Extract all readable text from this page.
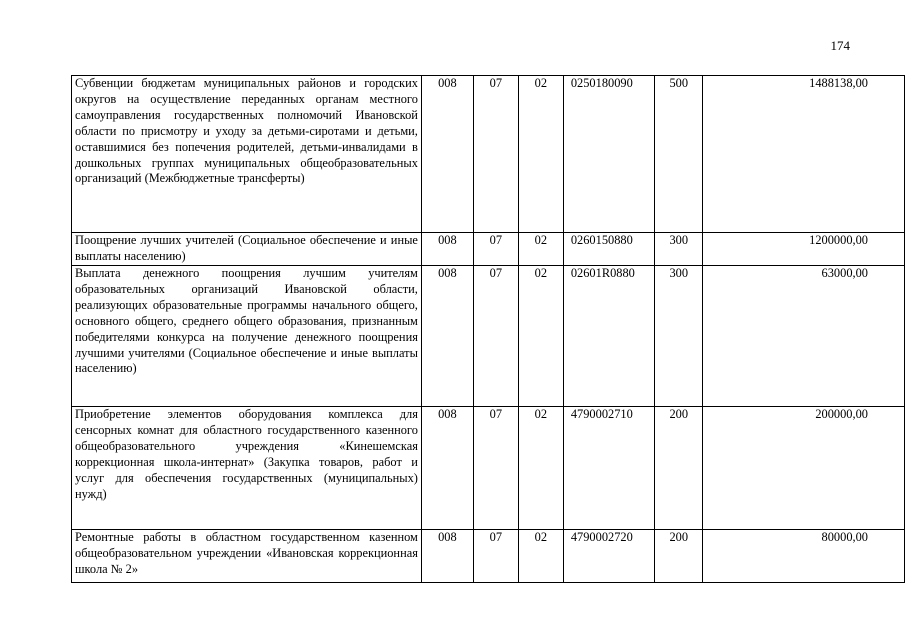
174
Субвенции бюджетам муниципальных районов и городских округов на осуществление переданных органам местного самоуправления государственных полномочий Ивановской области по присмотру и уходу за детьми-сиротами и детьми, оставшимися без попечения родителей, детьми-инвалидами в дошкольных группах муниципальных общеобразовательных организаций (Межбюджетные трансферты)	008	07	02	0250180090	500	1488138,00

Поощрение лучших учителей (Социальное обеспечение и иные выплаты населению)	008	07	02	0260150880	300	1200000,00

Выплата денежного поощрения лучшим учителям образовательных организаций Ивановской области, реализующих образовательные программы начального общего, основного общего, среднего общего образования, признанным победителями конкурса на получение денежного поощрения лучшими учителями (Социальное обеспечение и иные выплаты населению)	008	07	02	02601R0880	300	63000,00

Приобретение элементов оборудования комплекса для сенсорных комнат для областного государственного казенного общеобразовательного учреждения «Кинешемская коррекционная школа-интернат» (Закупка товаров, работ и услуг для обеспечения государственных (муниципальных) нужд)	008	07	02	4790002710	200	200000,00

Ремонтные работы в областном государственном казенном общеобразовательном учреждении «Ивановская коррекционная школа № 2»	008	07	02	4790002720	200	80000,00
